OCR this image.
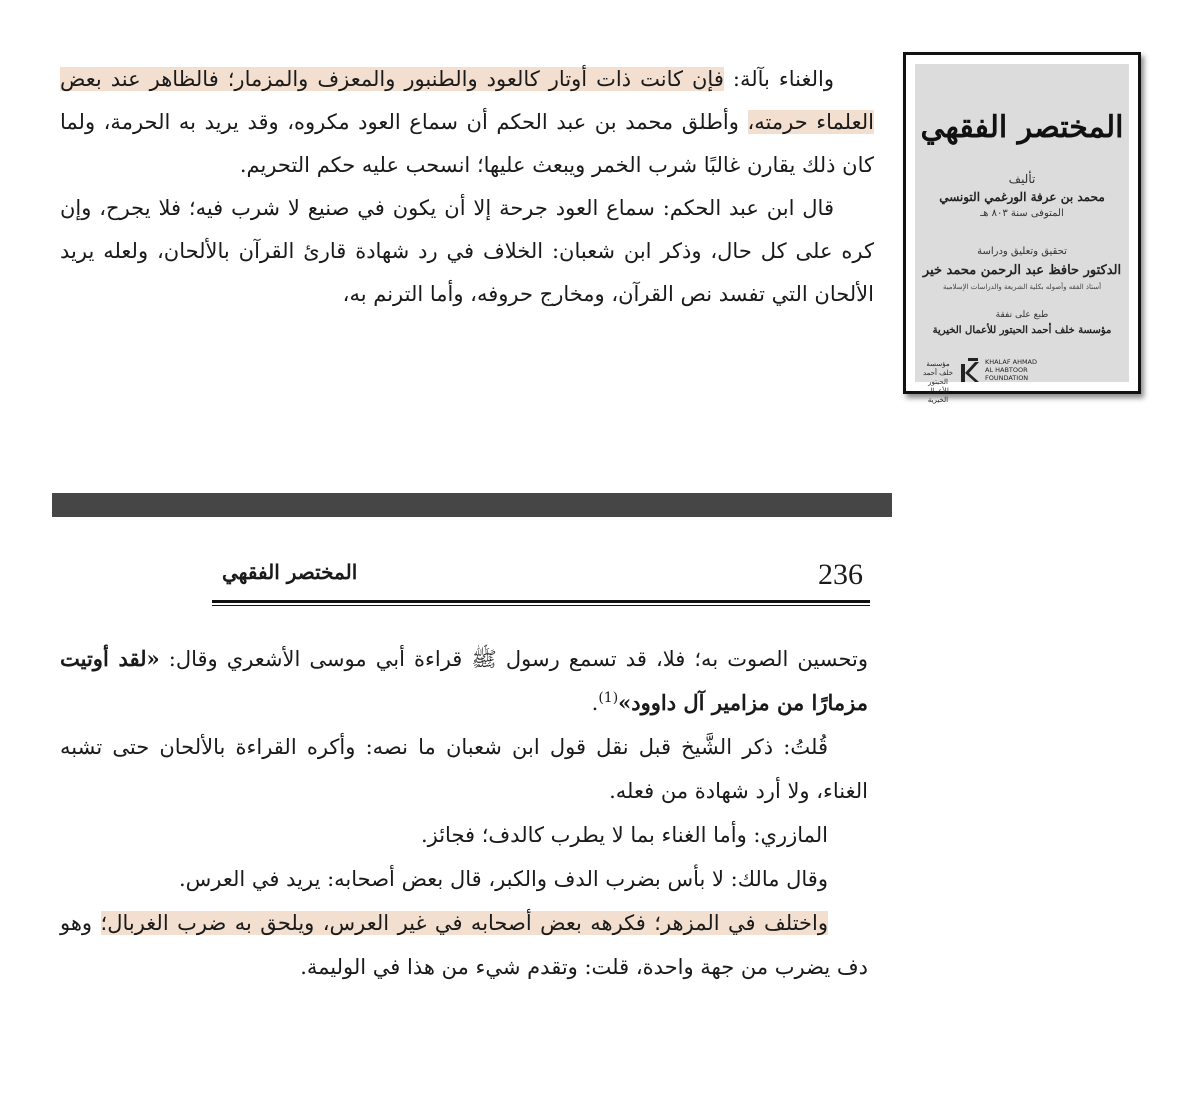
والغناء بآلة: فإن كانت ذات أوتار كالعود والطنبور والمعزف والمزمار؛ فالظاهر عند بعض العلماء حرمته، وأطلق محمد بن عبد الحكم أن سماع العود مكروه، وقد يريد به الحرمة، ولما كان ذلك يقارن غالبًا شرب الخمر ويبعث عليها؛ انسحب عليه حكم التحريم.

قال ابن عبد الحكم: سماع العود جرحة إلا أن يكون في صنيع لا شرب فيه؛ فلا يجرح، وإن كره على كل حال، وذكر ابن شعبان: الخلاف في رد شهادة قارئ القرآن بالألحان، ولعله يريد الألحان التي تفسد نص القرآن، ومخارج حروفه، وأما الترنم به،

المختصر الفقهي
تأليف
محمد بن عرفة الورغمي التونسي
المتوفى سنة ٨٠٣ هـ
تحقيق وتعليق ودراسة
الدكتور حافظ عبد الرحمن محمد خير
أستاذ الفقه وأصوله بكلية الشريعة والدراسات الإسلامية
طبع على نفقة
مؤسسة خلف أحمد الحبتور للأعمال الخيرية
KHALAF AHMAD
AL HABTOOR
FOUNDATION
مؤسسة خلف أحمد الحبتور للأعمال الخيرية
236
المختصر الفقهي

وتحسين الصوت به؛ فلا، قد تسمع رسول ﷺ قراءة أبي موسى الأشعري وقال: «لقد أوتيت مزمارًا من مزامير آل داوود»$^{(1)}$.

قُلتُ: ذكر الشَّيخ قبل نقل قول ابن شعبان ما نصه: وأكره القراءة بالألحان حتى تشبه الغناء، ولا أرد شهادة من فعله.

المازري: وأما الغناء بما لا يطرب كالدف؛ فجائز.

وقال مالك: لا بأس بضرب الدف والكبر، قال بعض أصحابه: يريد في العرس.

واختلف في المزهر؛ فكرهه بعض أصحابه في غير العرس، ويلحق به ضرب الغربال؛ وهو دف يضرب من جهة واحدة، قلت: وتقدم شيء من هذا في الوليمة.
